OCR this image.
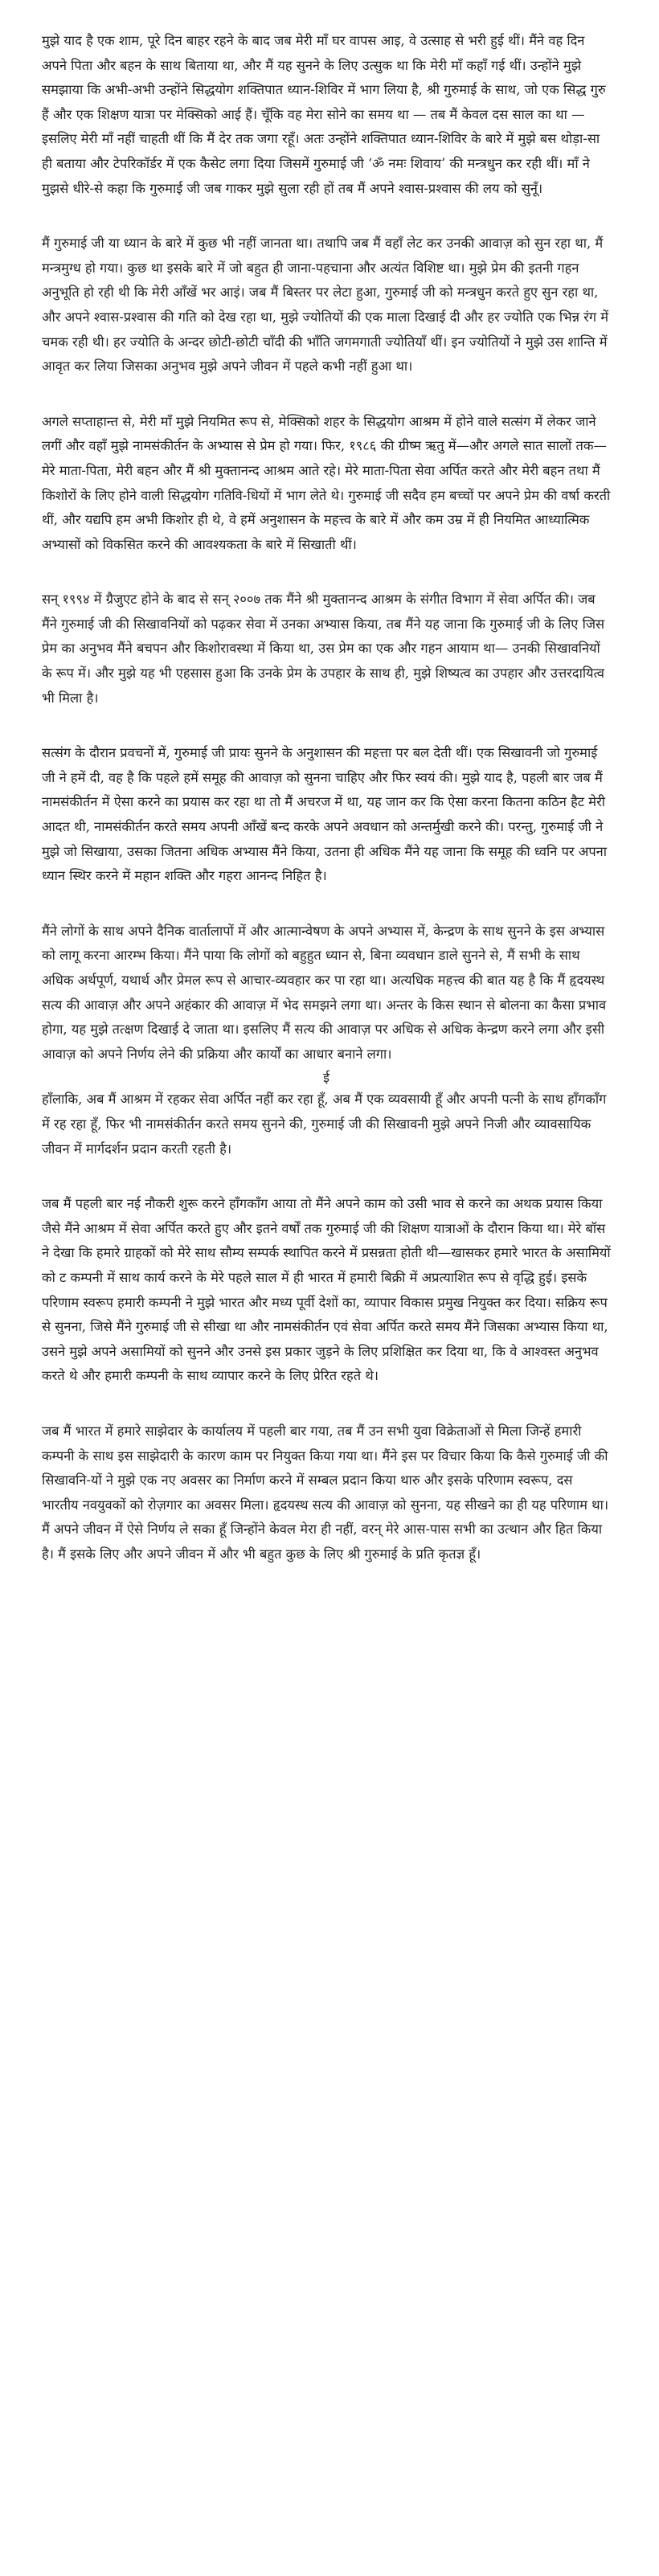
मुझे याद है एक शाम, पूरे दिन बाहर रहने के बाद जब मेरी माँ घर वापस आइ, वे उत्साह से भरी हुई थीं। मैंने वह दिन अपने पिता और बहन के साथ बिताया था, और मैं यह सुनने के लिए उत्सुक था कि मेरी माँ कहाँ गई थीं। उन्होंने मुझे समझाया कि अभी-अभी उन्होंने सिद्धयोग शक्तिपात ध्यान-शिविर में भाग लिया है, श्री गुरुमाई के साथ, जो एक सिद्ध गुरु हैं और एक शिक्षण यात्रा पर मेक्सिको आई हैं। चूँकि वह मेरा सोने का समय था — तब मैं केवल दस साल का था — इसलिए मेरी माँ नहीं चाहती थीं कि मैं देर तक जगा रहूँ। अतः उन्होंने शक्तिपात ध्यान-शिविर के बारे में मुझे बस थोड़ा-सा ही बताया और टेपरिकॉर्डर में एक कैसेट लगा दिया जिसमें गुरुमाई जी ‘ॐ नमः शिवाय’ की मन्त्रधुन कर रही थीं। माँ ने मुझसे धीरे-से कहा कि गुरुमाई जी जब गाकर मुझे सुला रही हों तब मैं अपने श्वास-प्रश्वास की लय को सुनूँ।

मैं गुरुमाई जी या ध्यान के बारे में कुछ भी नहीं जानता था। तथापि जब मैं वहाँ लेट कर उनकी आवाज़ को सुन रहा था, मैं मन्त्रमुग्ध हो गया। कुछ था इसके बारे में जो बहुत ही जाना-पहचाना और अत्यंत विशिष्ट था। मुझे प्रेम की इतनी गहन अनुभूति हो रही थी कि मेरी आँखें भर आइं। जब मैं बिस्तर पर लेटा हुआ, गुरुमाई जी को मन्त्रधुन करते हुए सुन रहा था, और अपने श्वास-प्रश्वास की गति को देख रहा था, मुझे ज्योतियों की एक माला दिखाई दी और हर ज्योति एक भिन्न रंग में चमक रही थी। हर ज्योति के अन्दर छोटी-छोटी चाँदी की भाँति जगमगाती ज्योतियाँ थीं। इन ज्योतियों ने मुझे उस शान्ति में आवृत कर लिया जिसका अनुभव मुझे अपने जीवन में पहले कभी नहीं हुआ था।

अगले सप्ताहान्त से, मेरी माँ मुझे नियमित रूप से, मेक्सिको शहर के सिद्धयोग आश्रम में होने वाले सत्संग में लेकर जाने लगीं और वहाँ मुझे नामसंकीर्तन के अभ्यास से प्रेम हो गया। फिर, १९८६ की ग्रीष्म ऋतु में—और अगले सात सालों तक—मेरे माता-पिता, मेरी बहन और मैं श्री मुक्तानन्द आश्रम आते रहे। मेरे माता-पिता सेवा अर्पित करते और मेरी बहन तथा मैं किशोरों के लिए होने वाली सिद्धयोग गतिवि-धियों में भाग लेते थे। गुरुमाई जी सदैव हम बच्चों पर अपने प्रेम की वर्षा करती थीं, और यद्यपि हम अभी किशोर ही थे, वे हमें अनुशासन के महत्त्व के बारे में और कम उम्र में ही नियमित आध्यात्मिक अभ्यासों को विकसित करने की आवश्यकता के बारे में सिखाती थीं।

सन् १९९४ में ग्रैजुएट होने के बाद से सन् २००७ तक मैंने श्री मुक्तानन्द आश्रम के संगीत विभाग में सेवा अर्पित की। जब मैंने गुरुमाई जी की सिखावनियों को पढ़कर सेवा में उनका अभ्यास किया, तब मैंने यह जाना कि गुरुमाई जी के लिए जिस प्रेम का अनुभव मैंने बचपन और किशोरावस्था में किया था, उस प्रेम का एक और गहन आयाम था— उनकी सिखावनियों के रूप में। और मुझे यह भी एहसास हुआ कि उनके प्रेम के उपहार के साथ ही, मुझे शिष्यत्व का उपहार और उत्तरदायित्व भी मिला है।

सत्संग के दौरान प्रवचनों में, गुरुमाई जी प्रायः सुनने के अनुशासन की महत्ता पर बल देती थीं। एक सिखावनी जो गुरुमाई जी ने हमें दी, वह है कि पहले हमें समूह की आवाज़ को सुनना चाहिए और फिर स्वयं की। मुझे याद है, पहली बार जब मैं नामसंकीर्तन में ऐसा करने का प्रयास कर रहा था तो मैं अचरज में था, यह जान कर कि ऐसा करना कितना कठिन हैट मेरी आदत थी, नामसंकीर्तन करते समय अपनी आँखें बन्द करके अपने अवधान को अन्तर्मुखी करने की। परन्तु, गुरुमाई जी ने मुझे जो सिखाया, उसका जितना अधिक अभ्यास मैंने किया, उतना ही अधिक मैंने यह जाना कि समूह की ध्वनि पर अपना ध्यान स्थिर करने में महान शक्ति और गहरा आनन्द निहित है।

मैंने लोगों के साथ अपने दैनिक वार्तालापों में और आत्मान्वेषण के अपने अभ्यास में, केन्द्रण के साथ सुनने के इस अभ्यास को लागू करना आरम्भ किया। मैंने पाया कि लोगों को बहुहुत ध्यान से, बिना व्यवधान डाले सुनने से, मैं सभी के साथ अधिक अर्थपूर्ण, यथार्थ और प्रेमल रूप से आचार-व्यवहार कर पा रहा था। अत्यधिक महत्त्व की बात यह है कि मैं हृदयस्थ सत्य की आवाज़ और अपने अहंकार की आवाज़ में भेद समझने लगा था। अन्तर के किस स्थान से बोलना का कैसा प्रभाव होगा, यह मुझे तत्क्षण दिखाई दे जाता था। इसलिए मैं सत्य की आवाज़ पर अधिक से अधिक केन्द्रण करने लगा और इसी आवाज़ को अपने निर्णय लेने की प्रक्रिया और कार्यों का आधार बनाने लगा।

ई

हाँलाकि, अब मैं आश्रम में रहकर सेवा अर्पित नहीं कर रहा हूँ, अब मैं एक व्यवसायी हूँ और अपनी पत्नी के साथ हाँगकाँग में रह रहा हूँ, फिर भी नामसंकीर्तन करते समय सुनने की, गुरुमाई जी की सिखावनी मुझे अपने निजी और व्यावसायिक जीवन में मार्गदर्शन प्रदान करती रहती है।

जब मैं पहली बार नई नौकरी शुरू करने हाँगकाँग आया तो मैंने अपने काम को उसी भाव से करने का अथक प्रयास किया जैसे मैंने आश्रम में सेवा अर्पित करते हुए और इतने वर्षों तक गुरुमाई जी की शिक्षण यात्राओं के दौरान किया था। मेरे बॉस ने देखा कि हमारे ग्राहकों को मेरे साथ सौम्य सम्पर्क स्थापित करने में प्रसन्नता होती थी—खासकर हमारे भारत के असामियों को ट कम्पनी में साथ कार्य करने के मेरे पहले साल में ही भारत में हमारी बिक्री में अप्रत्याशित रूप से वृद्धि हुई। इसके परिणाम स्वरूप हमारी कम्पनी ने मुझे भारत और मध्य पूर्वी देशों का, व्यापार विकास प्रमुख नियुक्त कर दिया। सक्रिय रूप से सुनना, जिसे मैंने गुरुमाई जी से सीखा था और नामसंकीर्तन एवं सेवा अर्पित करते समय मैंने जिसका अभ्यास किया था, उसने मुझे अपने असामियों को सुनने और उनसे इस प्रकार जुड़ने के लिए प्रशिक्षित कर दिया था, कि वे आश्वस्त अनुभव करते थे और हमारी कम्पनी के साथ व्यापार करने के लिए प्रेरित रहते थे।

जब मैं भारत में हमारे साझेदार के कार्यालय में पहली बार गया, तब मैं उन सभी युवा विक्रेताओं से मिला जिन्हें हमारी कम्पनी के साथ इस साझेदारी के कारण काम पर नियुक्त किया गया था। मैंने इस पर विचार किया कि कैसे गुरुमाई जी की सिखावनि-यों ने मुझे एक नए अवसर का निर्माण करने में सम्बल प्रदान किया थारु और इसके परिणाम स्वरूप, दस भारतीय नवयुवकों को रोज़गार का अवसर मिला। हृदयस्थ सत्य की आवाज़ को सुनना, यह सीखने का ही यह परिणाम था। मैं अपने जीवन में ऐसे निर्णय ले सका हूँ जिन्होंने केवल मेरा ही नहीं, वरन् मेरे आस-पास सभी का उत्थान और हित किया है। मैं इसके लिए और अपने जीवन में और भी बहुत कुछ के लिए श्री गुरुमाई के प्रति कृतज्ञ हूँ।
